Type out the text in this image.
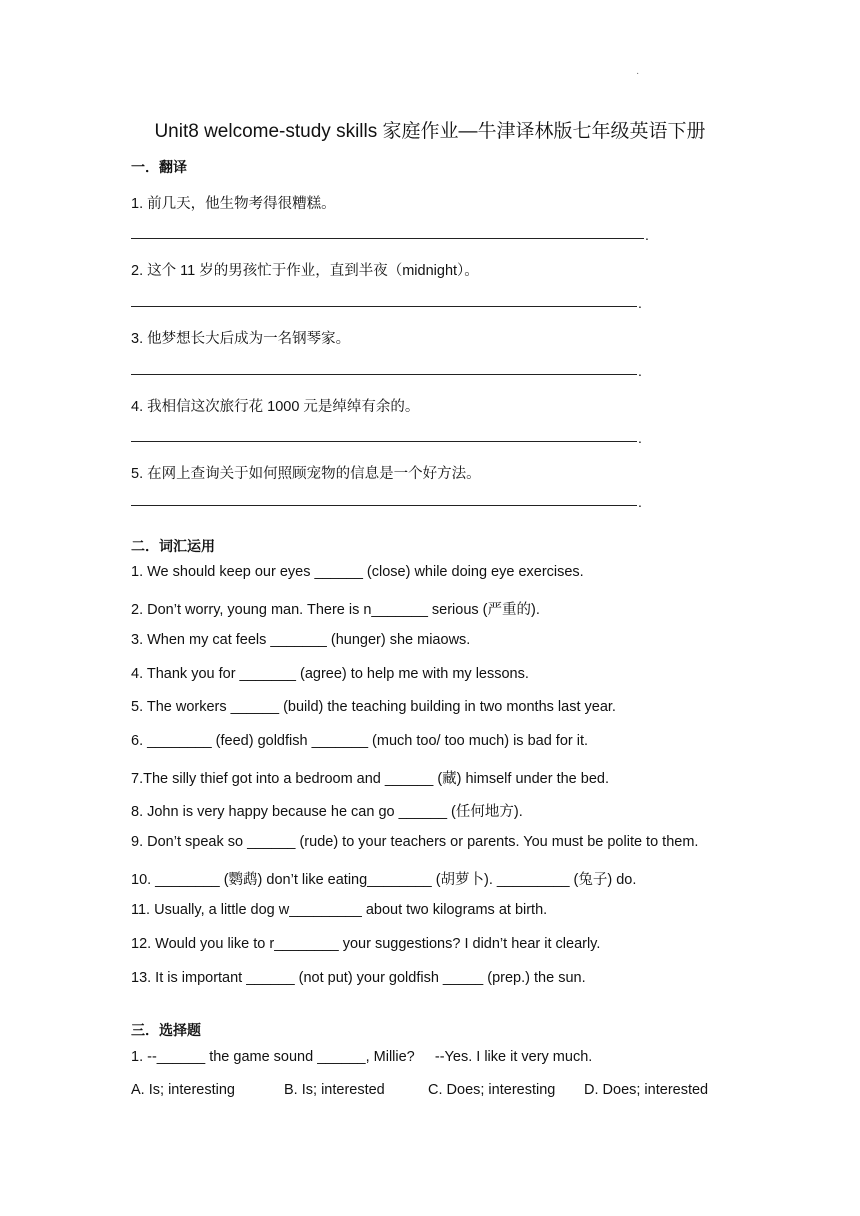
·
Unit8 welcome-study skills 家庭作业—牛津译林版七年级英语下册
一．翻译
1. 前几天，他生物考得很糟糕。
.
2. 这个 11 岁的男孩忙于作业，直到半夜（midnight）。
.
3. 他梦想长大后成为一名钢琴家。
.
4. 我相信这次旅行花 1000 元是绰绰有余的。
.
5. 在网上查询关于如何照顾宠物的信息是一个好方法。
.
二．词汇运用
1. We should keep our eyes ______ (close) while doing eye exercises.
2. Don’t worry, young man. There is n_______ serious (严重的).
3. When my cat feels _______ (hunger) she miaows.
4. Thank you for _______ (agree) to help me with my lessons.
5. The workers ______ (build) the teaching building in two months last year.
6. ________ (feed) goldfish _______ (much too/ too much) is bad for it.
7.The silly thief got into a bedroom and ______ (藏) himself under the bed.
8. John is very happy because he can go ______ (任何地方).
9. Don’t speak so ______ (rude) to your teachers or parents. You must be polite to them.
10. ________ (鹦鹉) don’t like eating________ (胡萝卜). _________ (兔子) do.
11. Usually, a little dog w_________ about two kilograms at birth.
12. Would you like to r________ your suggestions? I didn’t hear it clearly.
13. It is important ______ (not put) your goldfish _____ (prep.) the sun.
三．选择题
1. --______ the game sound ______, Millie?     --Yes. I like it very much.
A. Is; interesting	B. Is; interested	C. Does; interesting D. Does; interested
